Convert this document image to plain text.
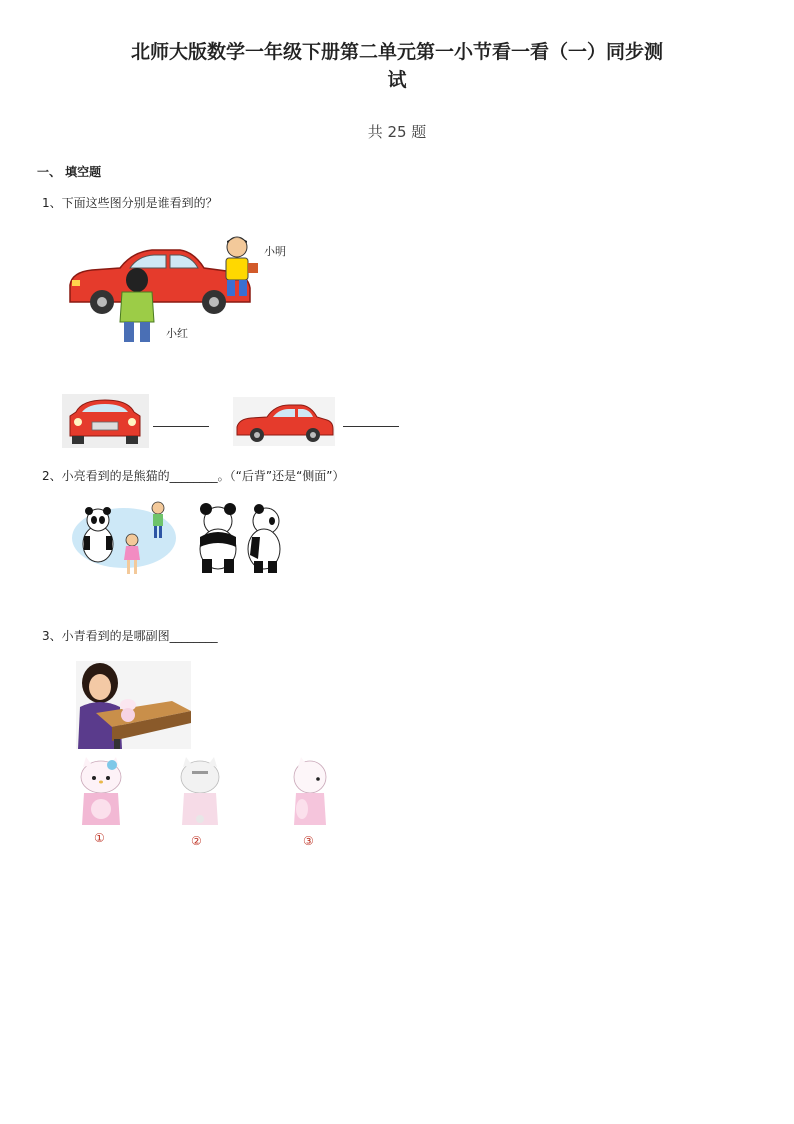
北师大版数学一年级下册第二单元第一小节看一看（一）同步测
试
共 25 题
一、 填空题
1、下面这些图分别是谁看到的？
小明
小红
2、小亮看到的是熊猫的________。（“后背”还是“侧面”）
3、小青看到的是哪副图________
①	②	③
